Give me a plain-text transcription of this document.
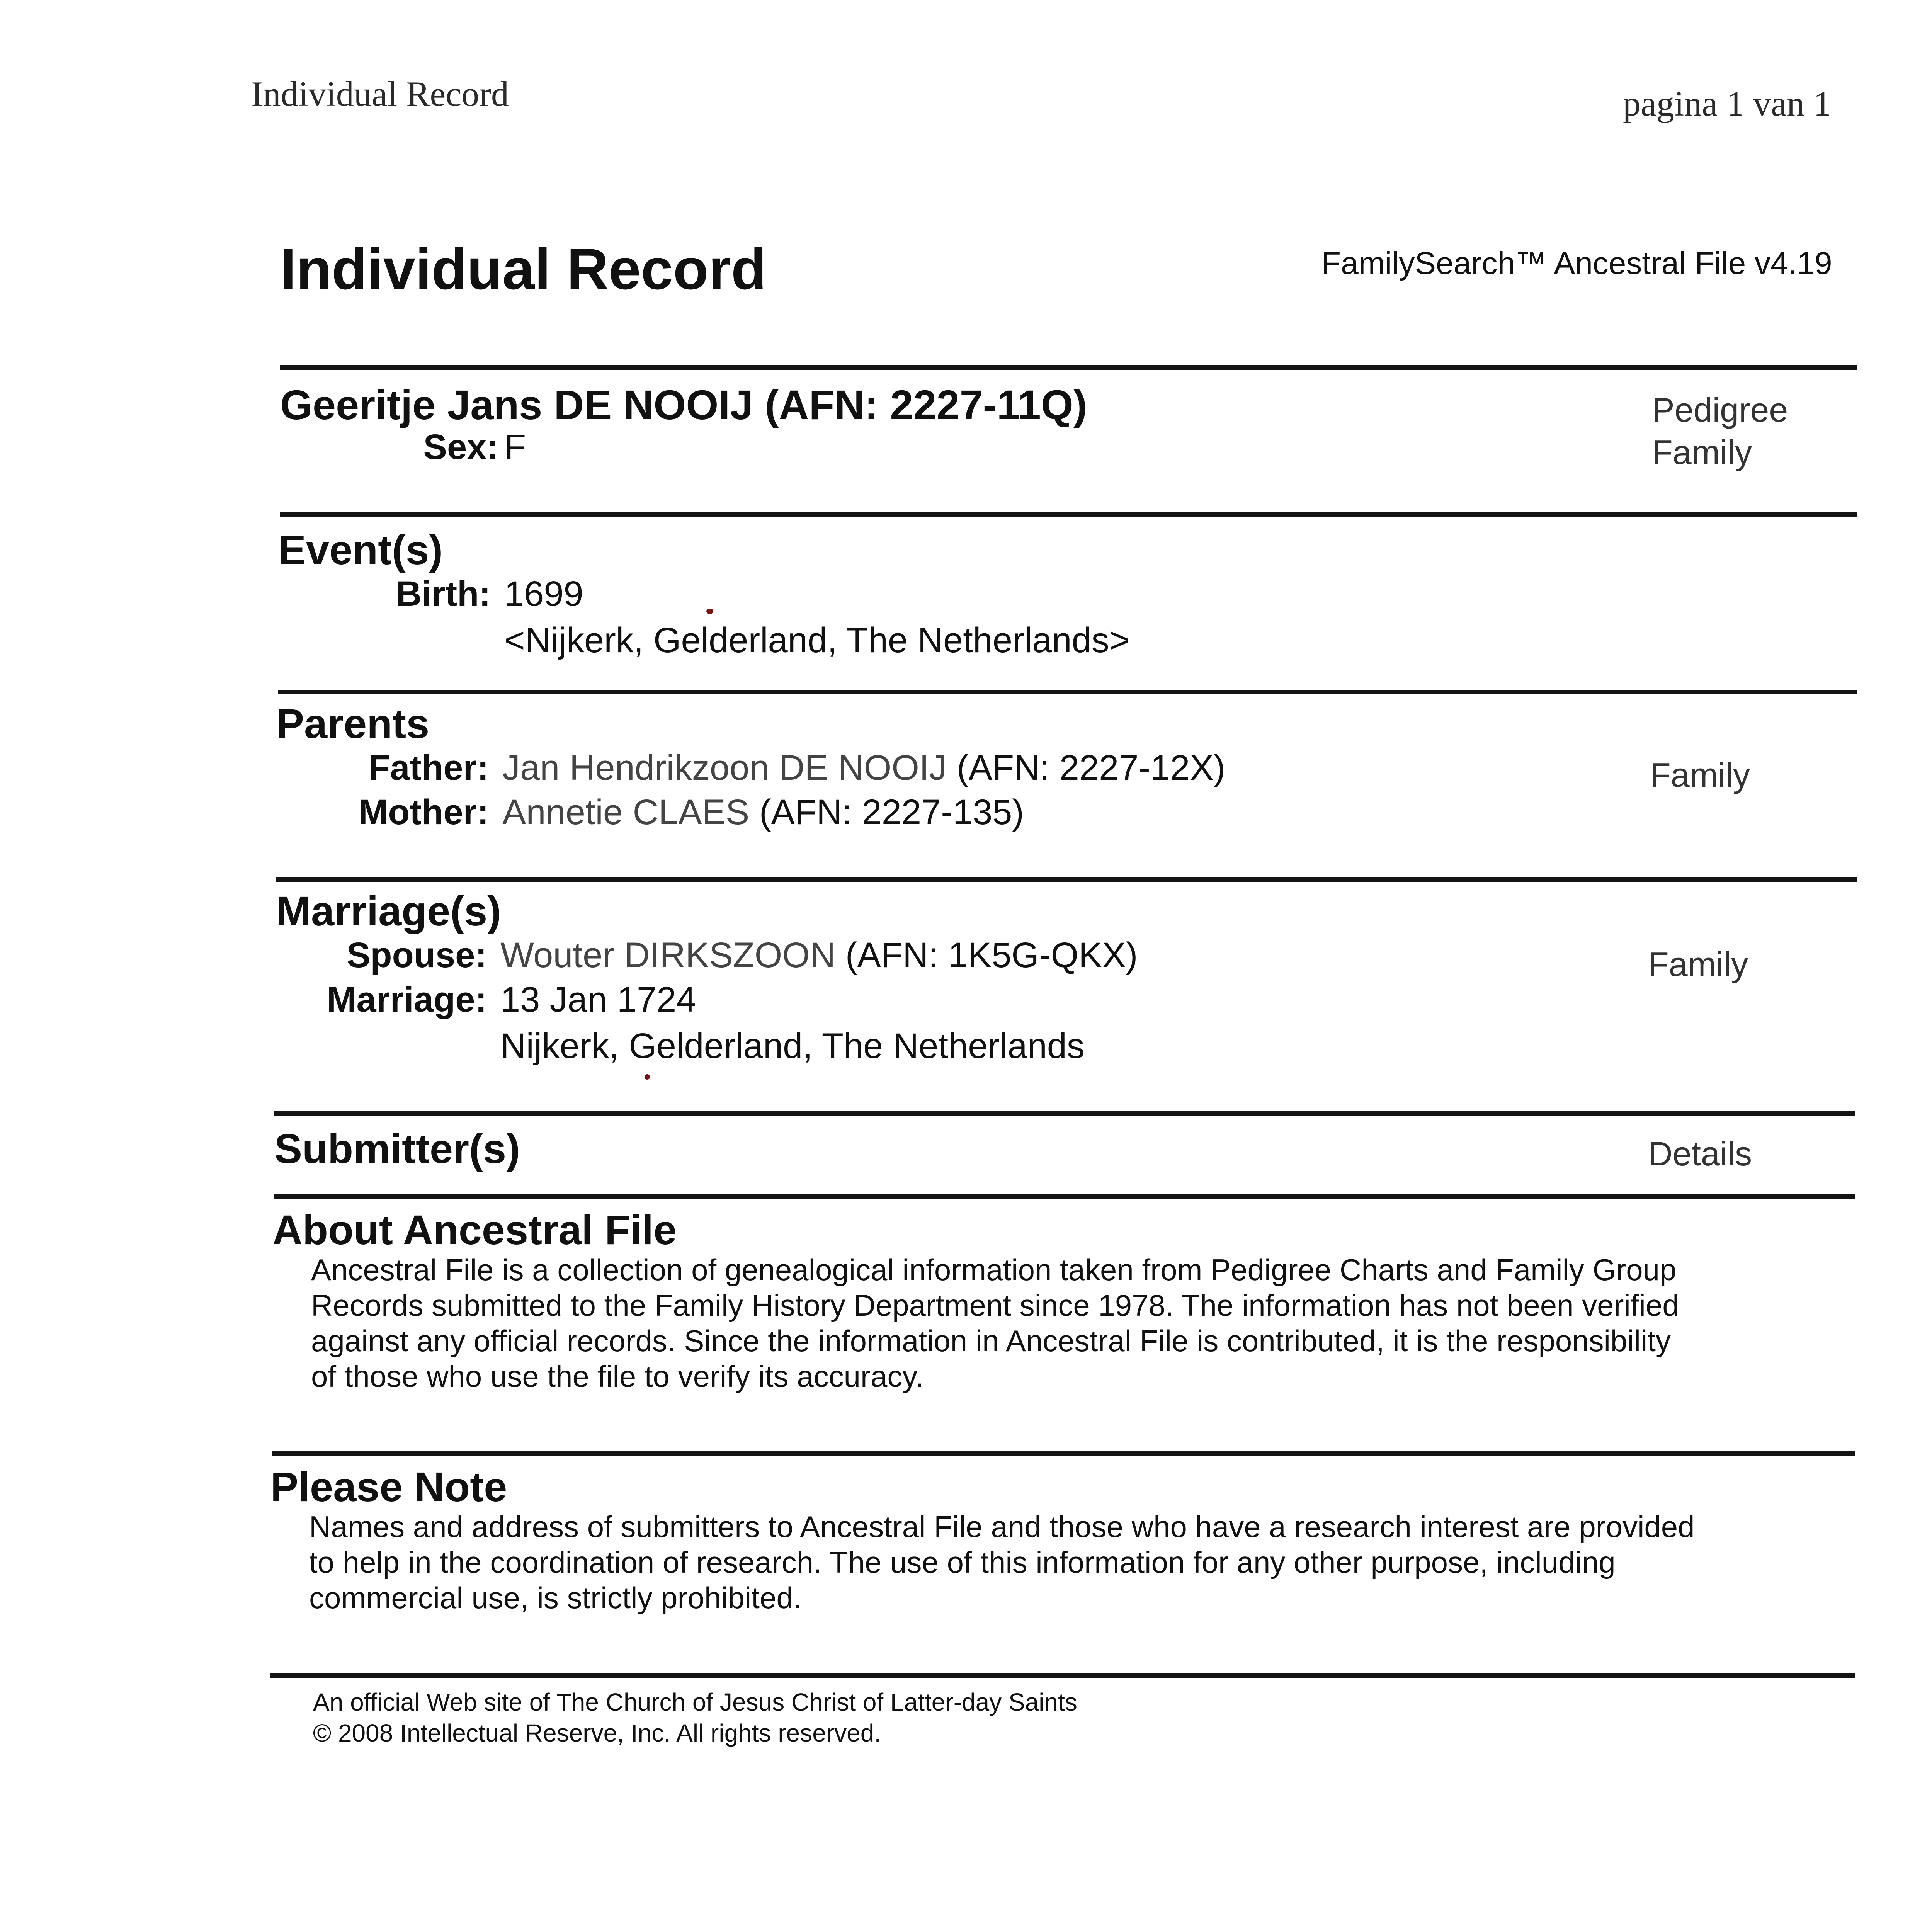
Individual Record	pagina 1 van 1
Individual Record	FamilySearch™ Ancestral File v4.19
Geeritje Jans DE NOOIJ (AFN: 2227-11Q)
Sex: F
Pedigree
Family
Event(s)
Birth: 1699
<Nijkerk, Gelderland, The Netherlands>
Parents
Father: Jan Hendrikzoon DE NOOIJ (AFN: 2227-12X)
Mother: Annetie CLAES (AFN: 2227-135)
Family
Marriage(s)
Spouse: Wouter DIRKSZOON (AFN: 1K5G-QKX)
Marriage: 13 Jan 1724
Nijkerk, Gelderland, The Netherlands
Family
Submitter(s)	Details
About Ancestral File
Ancestral File is a collection of genealogical information taken from Pedigree Charts and Family Group
Records submitted to the Family History Department since 1978. The information has not been verified
against any official records. Since the information in Ancestral File is contributed, it is the responsibility
of those who use the file to verify its accuracy.
Please Note
Names and address of submitters to Ancestral File and those who have a research interest are provided
to help in the coordination of research. The use of this information for any other purpose, including
commercial use, is strictly prohibited.
An official Web site of The Church of Jesus Christ of Latter-day Saints
© 2008 Intellectual Reserve, Inc. All rights reserved.
